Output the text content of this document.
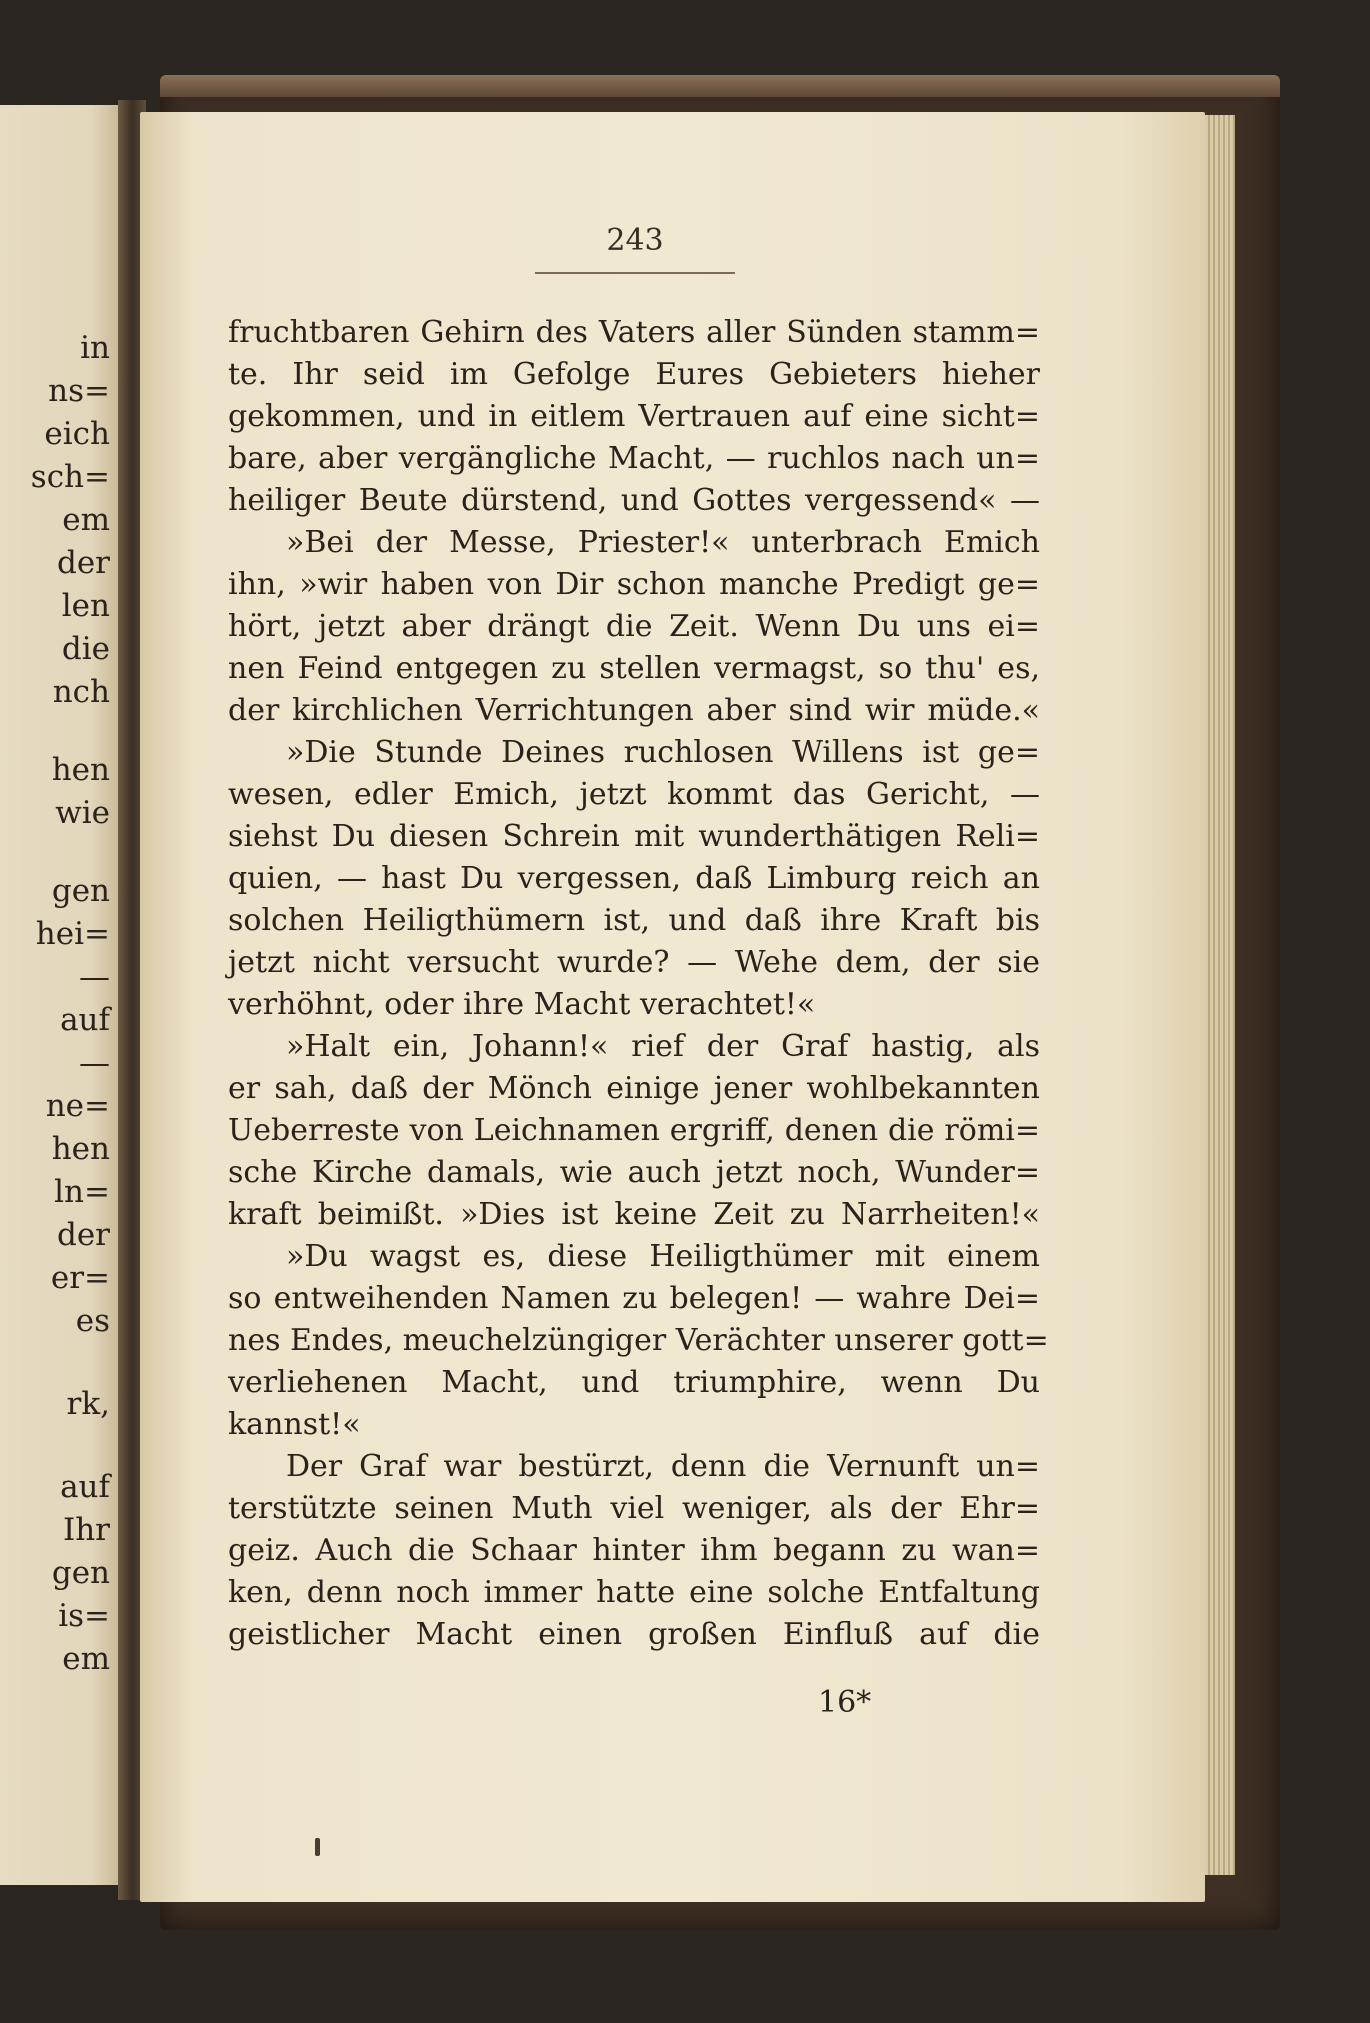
in
ns=
eich
sch=
em
der
len
die
nch
hen
wie
gen
hei=
—
auf
—
ne=
hen
ln=
der
er=
es
rk,
auf
Ihr
gen
is=
em
243
fruchtbaren Gehirn des Vaters aller Sünden stamm=
te. Ihr seid im Gefolge Eures Gebieters hieher
gekommen, und in eitlem Vertrauen auf eine sicht=
bare, aber vergängliche Macht, — ruchlos nach un=
heiliger Beute dürstend, und Gottes vergessend« —
»Bei der Messe, Priester!« unterbrach Emich
ihn, »wir haben von Dir schon manche Predigt ge=
hört, jetzt aber drängt die Zeit. Wenn Du uns ei=
nen Feind entgegen zu stellen vermagst, so thu' es,
der kirchlichen Verrichtungen aber sind wir müde.«
»Die Stunde Deines ruchlosen Willens ist ge=
wesen, edler Emich, jetzt kommt das Gericht, —
siehst Du diesen Schrein mit wunderthätigen Reli=
quien, — hast Du vergessen, daß Limburg reich an
solchen Heiligthümern ist, und daß ihre Kraft bis
jetzt nicht versucht wurde? — Wehe dem, der sie
verhöhnt, oder ihre Macht verachtet!«
»Halt ein, Johann!« rief der Graf hastig, als
er sah, daß der Mönch einige jener wohlbekannten
Ueberreste von Leichnamen ergriff, denen die römi=
sche Kirche damals, wie auch jetzt noch, Wunder=
kraft beimißt. »Dies ist keine Zeit zu Narrheiten!«
»Du wagst es, diese Heiligthümer mit einem
so entweihenden Namen zu belegen! — wahre Dei=
nes Endes, meuchelzüngiger Verächter unserer gott=
verliehenen Macht, und triumphire, wenn Du
kannst!«
Der Graf war bestürzt, denn die Vernunft un=
terstützte seinen Muth viel weniger, als der Ehr=
geiz. Auch die Schaar hinter ihm begann zu wan=
ken, denn noch immer hatte eine solche Entfaltung
geistlicher Macht einen großen Einfluß auf die
16*
